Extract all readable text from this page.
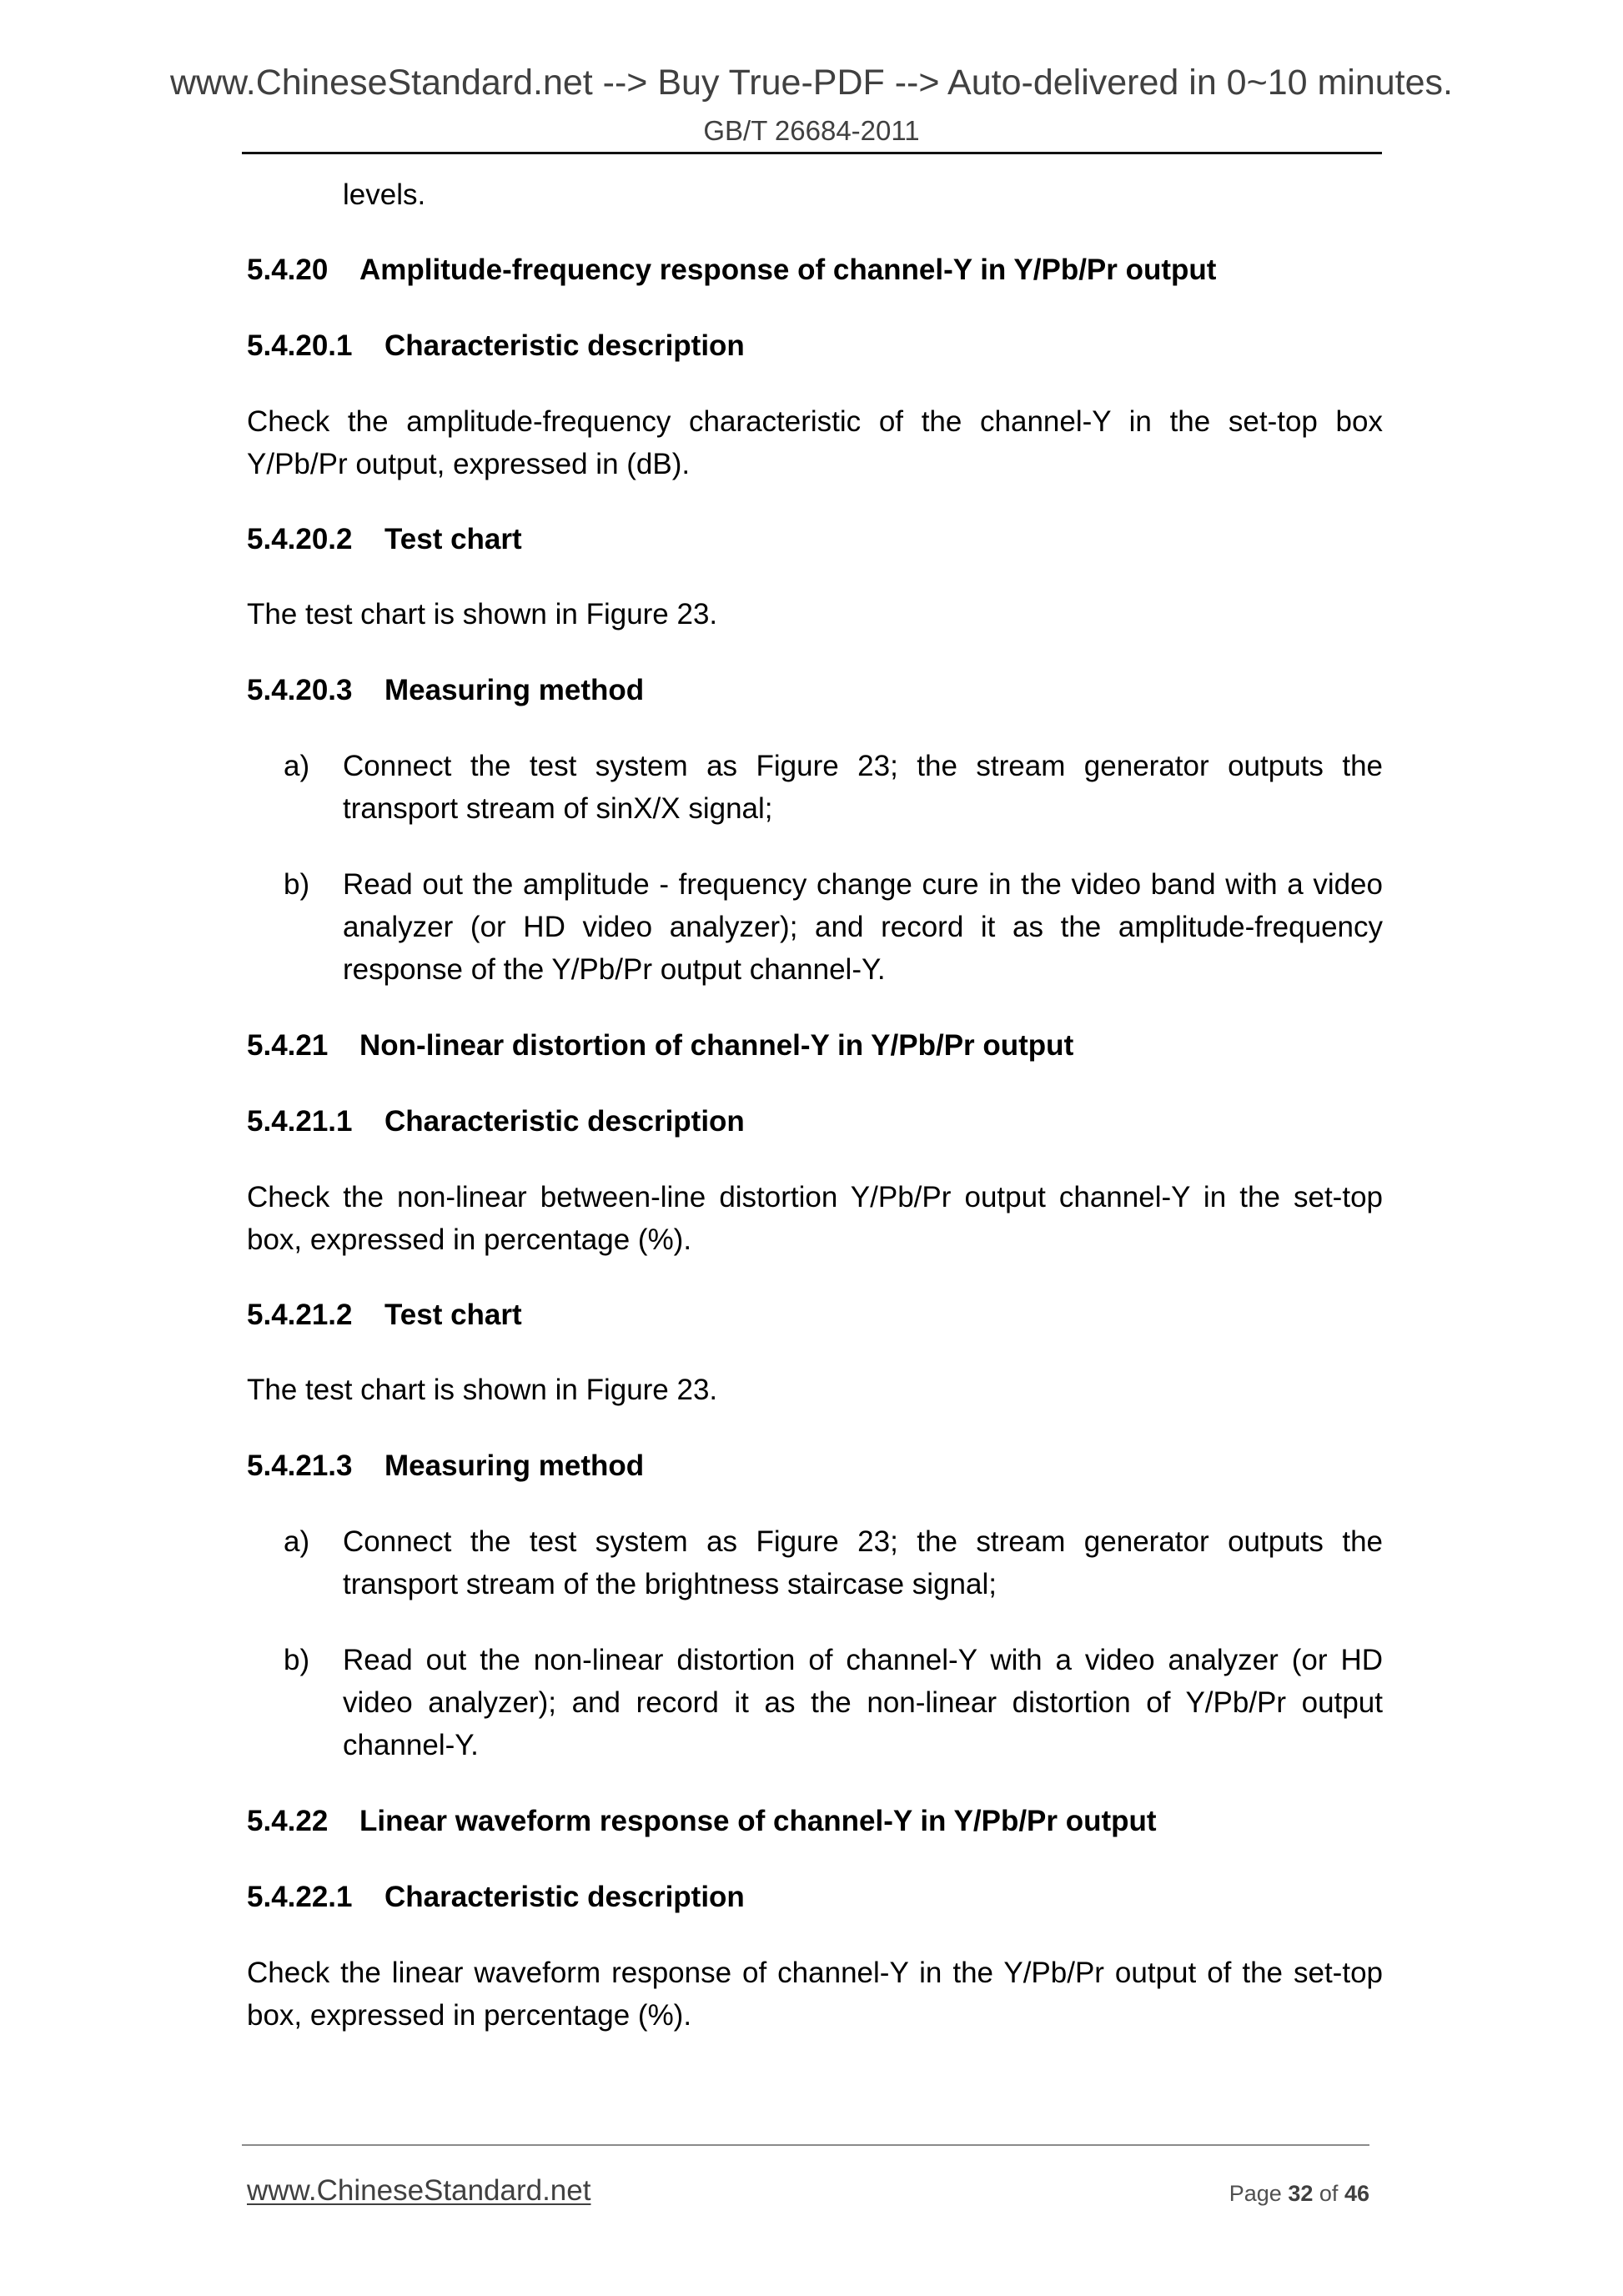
www.ChineseStandard.net --> Buy True-PDF --> Auto-delivered in 0~10 minutes.
GB/T 26684-2011
levels.
5.4.20 Amplitude-frequency response of channel-Y in Y/Pb/Pr output
5.4.20.1 Characteristic description
Check the amplitude-frequency characteristic of the channel-Y in the set-top box Y/Pb/Pr output, expressed in (dB).
5.4.20.2 Test chart
The test chart is shown in Figure 23.
5.4.20.3 Measuring method
a) Connect the test system as Figure 23; the stream generator outputs the transport stream of sinX/X signal;
b) Read out the amplitude - frequency change cure in the video band with a video analyzer (or HD video analyzer); and record it as the amplitude-frequency response of the Y/Pb/Pr output channel-Y.
5.4.21 Non-linear distortion of channel-Y in Y/Pb/Pr output
5.4.21.1 Characteristic description
Check the non-linear between-line distortion Y/Pb/Pr output channel-Y in the set-top box, expressed in percentage (%).
5.4.21.2 Test chart
The test chart is shown in Figure 23.
5.4.21.3 Measuring method
a) Connect the test system as Figure 23; the stream generator outputs the transport stream of the brightness staircase signal;
b) Read out the non-linear distortion of channel-Y with a video analyzer (or HD video analyzer); and record it as the non-linear distortion of Y/Pb/Pr output channel-Y.
5.4.22 Linear waveform response of channel-Y in Y/Pb/Pr output
5.4.22.1 Characteristic description
Check the linear waveform response of channel-Y in the Y/Pb/Pr output of the set-top box, expressed in percentage (%).
www.ChineseStandard.net	Page 32 of 46
